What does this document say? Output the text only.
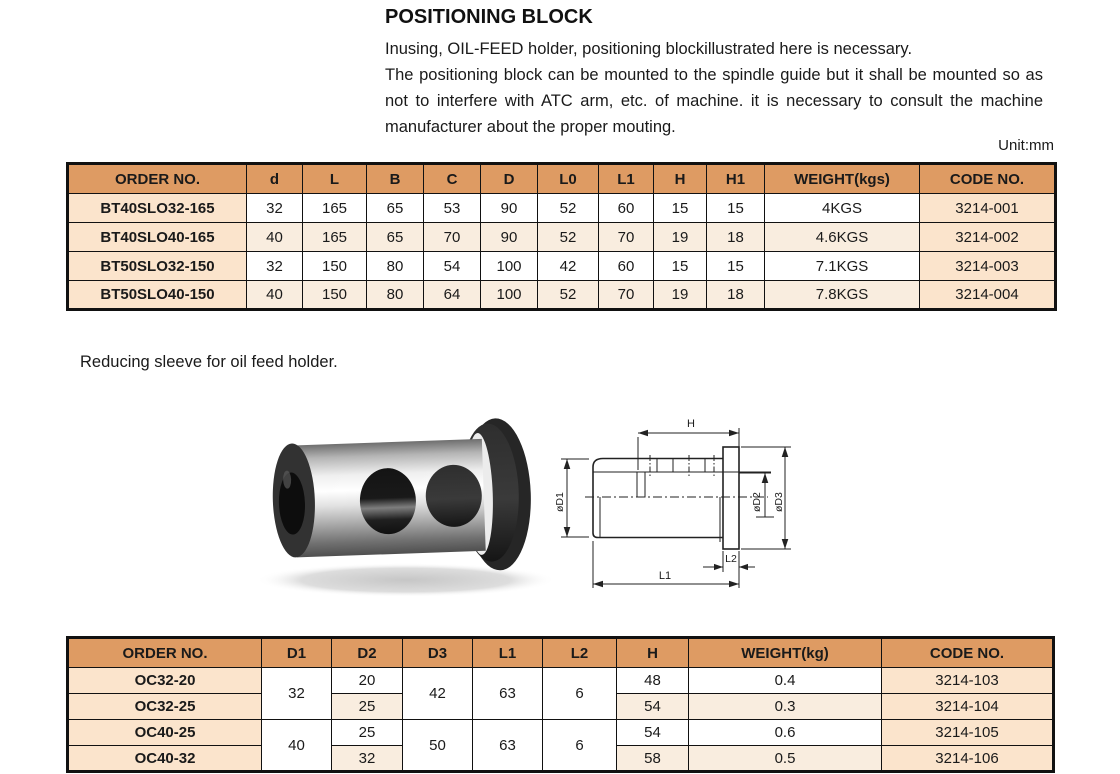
POSITIONING BLOCK

Inusing, OIL-FEED holder, positioning blockillustrated here is necessary.

The positioning block can be mounted to the spindle guide but it shall be mounted so as not to interfere with ATC arm, etc. of machine. it is necessary to consult the machine manufacturer about the proper mouting.

Unit:mm
ORDER NO.	d	L	B	C	D	L0	L1	H	H1	WEIGHT(kgs)	CODE NO.
BT40SLO32-165	32	165	65	53	90	52	60	15	15	4KGS	3214-001
BT40SLO40-165	40	165	65	70	90	52	70	19	18	4.6KGS	3214-002
BT50SLO32-150	32	150	80	54	100	42	60	15	15	7.1KGS	3214-003
BT50SLO40-150	40	150	80	64	100	52	70	19	18	7.8KGS	3214-004
Reducing sleeve for oil feed holder.
H
øD1	øD2 øD3
L2
L1
ORDER NO.	D1	D2	D3	L1	L2	H	WEIGHT(kg)	CODE NO.
OC32-20	32	20	42	63	6	48	0.4	3214-103
OC32-25		25				54	0.3	3214-104
OC40-25	40	25	50	63	6	54	0.6	3214-105
OC40-32		32				58	0.5	3214-106
